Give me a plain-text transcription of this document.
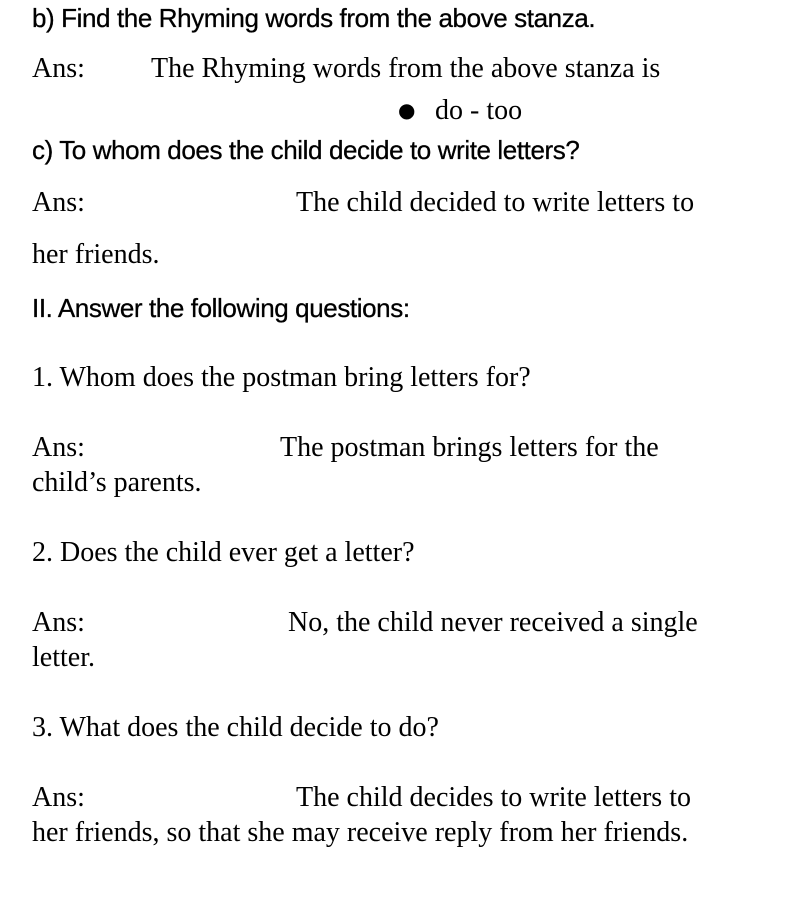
b) Find the Rhyming words from the above stanza.
Ans: The Rhyming words from the above stanza is
● do - too
c) To whom does the child decide to write letters?
Ans:	The child decided to write letters to
her friends.
II. Answer the following questions:
1. Whom does the postman bring letters for?
Ans:	The postman brings letters for the
child’s parents.
2. Does the child ever get a letter?
Ans:	No, the child never received a single
letter.
3. What does the child decide to do?
Ans:	The child decides to write letters to
her friends, so that she may receive reply from her friends.
